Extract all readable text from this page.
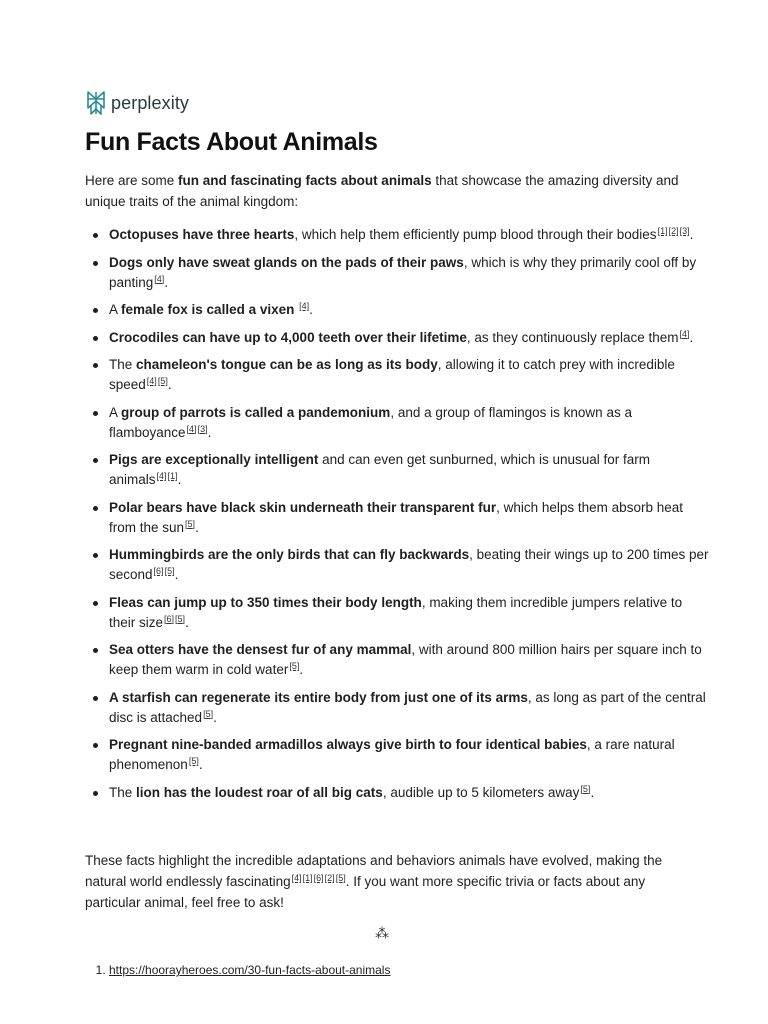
perplexity
Fun Facts About Animals

Here are some fun and fascinating facts about animals that showcase the amazing diversity and unique traits of the animal kingdom:

Octopuses have three hearts, which help them efficiently pump blood through their bodies[1][2][3].
Dogs only have sweat glands on the pads of their paws, which is why they primarily cool off by panting[4].
A female fox is called a vixen [4].
Crocodiles can have up to 4,000 teeth over their lifetime, as they continuously replace them[4].
The chameleon's tongue can be as long as its body, allowing it to catch prey with incredible speed[4][5].
A group of parrots is called a pandemonium, and a group of flamingos is known as a flamboyance[4][3].
Pigs are exceptionally intelligent and can even get sunburned, which is unusual for farm animals[4][1].
Polar bears have black skin underneath their transparent fur, which helps them absorb heat from the sun[5].
Hummingbirds are the only birds that can fly backwards, beating their wings up to 200 times per second[6][5].
Fleas can jump up to 350 times their body length, making them incredible jumpers relative to their size[6][5].
Sea otters have the densest fur of any mammal, with around 800 million hairs per square inch to keep them warm in cold water[5].
A starfish can regenerate its entire body from just one of its arms, as long as part of the central disc is attached[5].
Pregnant nine-banded armadillos always give birth to four identical babies, a rare natural phenomenon[5].
The lion has the loudest roar of all big cats, audible up to 5 kilometers away[5].

These facts highlight the incredible adaptations and behaviors animals have evolved, making the natural world endlessly fascinating[4][1][6][2][5]. If you want more specific trivia or facts about any particular animal, feel free to ask!

⁂
1. https://hoorayheroes.com/30-fun-facts-about-animals
